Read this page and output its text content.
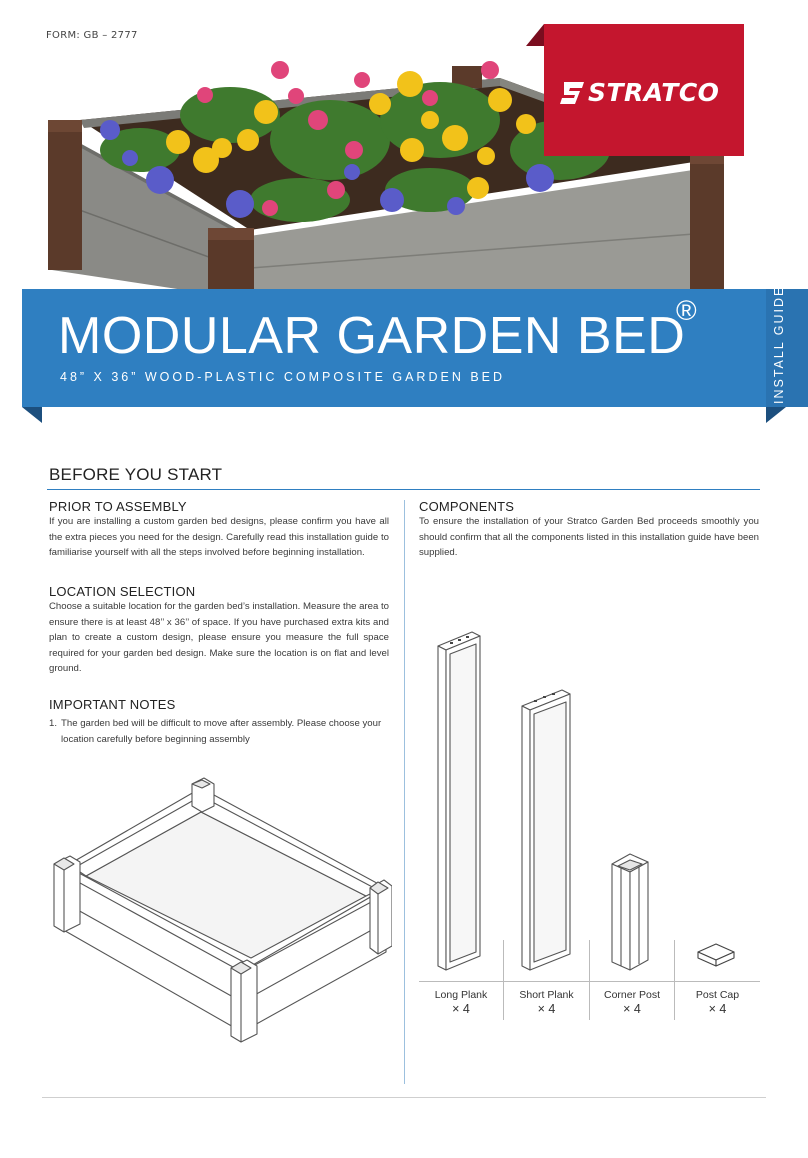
FORM: GB – 2777
STRATCO
MODULAR GARDEN BED
®
48” X 36” WOOD-PLASTIC COMPOSITE GARDEN BED	INSTALL GUIDE
BEFORE YOU START
PRIOR TO ASSEMBLY
If you are installing a custom garden bed designs, please confirm you have all the extra pieces you need for the design. Carefully read this installation guide to familiarise yourself with all the steps involved before beginning installation.
LOCATION SELECTION
Choose a suitable location for the garden bed’s installation. Measure the area to ensure there is at least 48’’ x 36’’ of space. If you have purchased extra kits and plan to create a custom design, please ensure you measure the full space required for your garden bed design. Make sure the location is on flat and level ground.
IMPORTANT NOTES
1. The garden bed will be difficult to move after assembly. Please choose your location carefully before beginning assembly
COMPONENTS
To ensure the installation of your Stratco Garden Bed proceeds smoothly you should confirm that all the components listed in this installation guide have been supplied.
Long Plank
× 4
Short Plank
× 4
Corner Post
× 4
Post Cap
× 4
